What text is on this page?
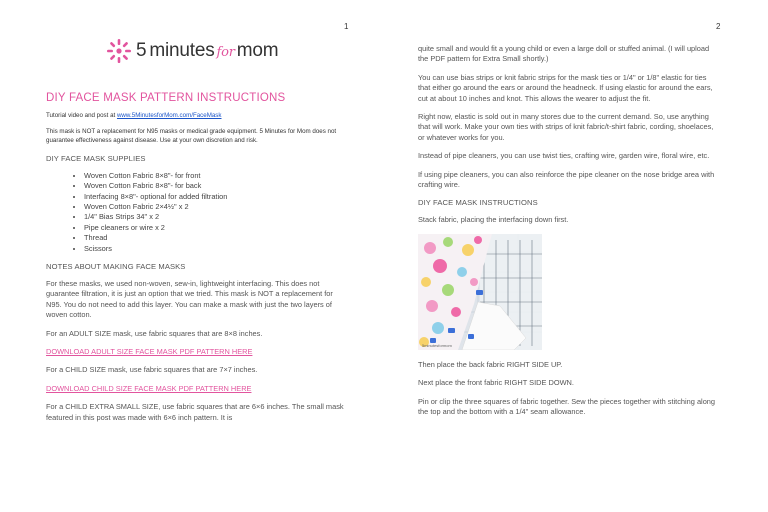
1
5 minutes for mom
DIY FACE MASK PATTERN INSTRUCTIONS
Tutorial video and post at www.5MinutesforMom.com/FaceMask
This mask is NOT a replacement for N95 masks or medical grade equipment. 5 Minutes for Mom does not guarantee effectiveness against disease. Use at your own discretion and risk.
DIY FACE MASK SUPPLIES
• Woven Cotton Fabric 8×8"- for front
• Woven Cotton Fabric 8×8"- for back
• Interfacing 8×8"- optional for added filtration
• Woven Cotton Fabric 2×4½" x 2
• 1/4" Bias Strips 34" x 2
• Pipe cleaners or wire x 2
• Thread
• Scissors
NOTES ABOUT MAKING FACE MASKS
For these masks, we used non-woven, sew-in, lightweight interfacing. This does not guarantee filtration, it is just an option that we tried. This mask is NOT a replacement for N95. You do not need to add this layer. You can make a mask with just the two layers of woven cotton.
For an ADULT SIZE mask, use fabric squares that are 8×8 inches.
DOWNLOAD ADULT SIZE FACE MASK PDF PATTERN HERE
For a CHILD SIZE mask, use fabric squares that are 7×7 inches.
DOWNLOAD CHILD SIZE FACE MASK PDF PATTERN HERE
For a CHILD EXTRA SMALL SIZE, use fabric squares that are 6×6 inches. The small mask featured in this post was made with 6×6 inch pattern. It is
2
quite small and would fit a young child or even a large doll or stuffed animal. (I will upload the PDF pattern for Extra Small shortly.)
You can use bias strips or knit fabric strips for the mask ties or 1/4" or 1/8" elastic for ties that either go around the ears or around the headneck. If using elastic for around the ears, cut at about 10 inches and knot. This allows the wearer to adjust the fit.
Right now, elastic is sold out in many stores due to the current demand. So, use anything that will work. Make your own ties with strips of knit fabric/t-shirt fabric, cording, shoelaces, or whatever works for you.
Instead of pipe cleaners, you can use twist ties, crafting wire, garden wire, floral wire, etc.
If using pipe cleaners, you can also reinforce the pipe cleaner on the nose bridge area with crafting wire.
DIY FACE MASK INSTRUCTIONS
Stack fabric, placing the interfacing down first.
5minutesformom
Then place the back fabric RIGHT SIDE UP.
Next place the front fabric RIGHT SIDE DOWN.
Pin or clip the three squares of fabric together. Sew the pieces together with stitching along the top and the bottom with a 1/4" seam allowance.
